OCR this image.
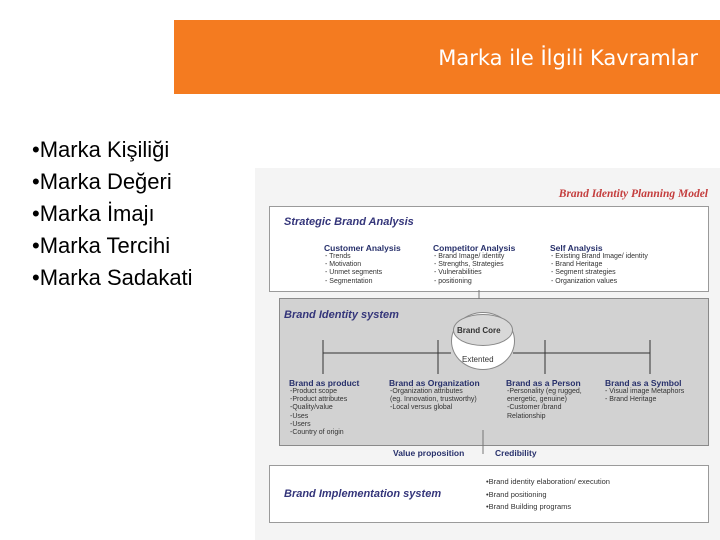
Marka ile İlgili Kavramlar
•Marka Kişiliği
•Marka Değeri
•Marka İmajı
•Marka Tercihi
•Marka Sadakati
Brand Identity Planning Model
Strategic Brand Analysis
Customer Analysis
- Trends
- Motivation
- Unmet segments
- Segmentation
Competitor Analysis
- Brand Image/ identity
- Strengths, Strategies
- Vulnerabilities
- positioning
Self Analysis
- Existing Brand Image/ identity
- Brand Heritage
- Segment strategies
- Organization values
Brand Identity system
Brand Core
Extented
Brand as product
-Product scope
-Product attributes
-Quality/value
-Uses
-Users
-Country of origin
Brand as Organization
-Organization attributes
(eg. Innovation, trustworthy)
-Local versus global
Brand as a Person
-Personality (eg rugged,
energetic, genuine)
-Customer /brand
Relationship
Brand as a Symbol
- Visual image Metaphors
- Brand Heritage
Value proposition	Credibility
Brand Implementation system
•Brand identity elaboration/ execution
•Brand positioning
•Brand Building programs
